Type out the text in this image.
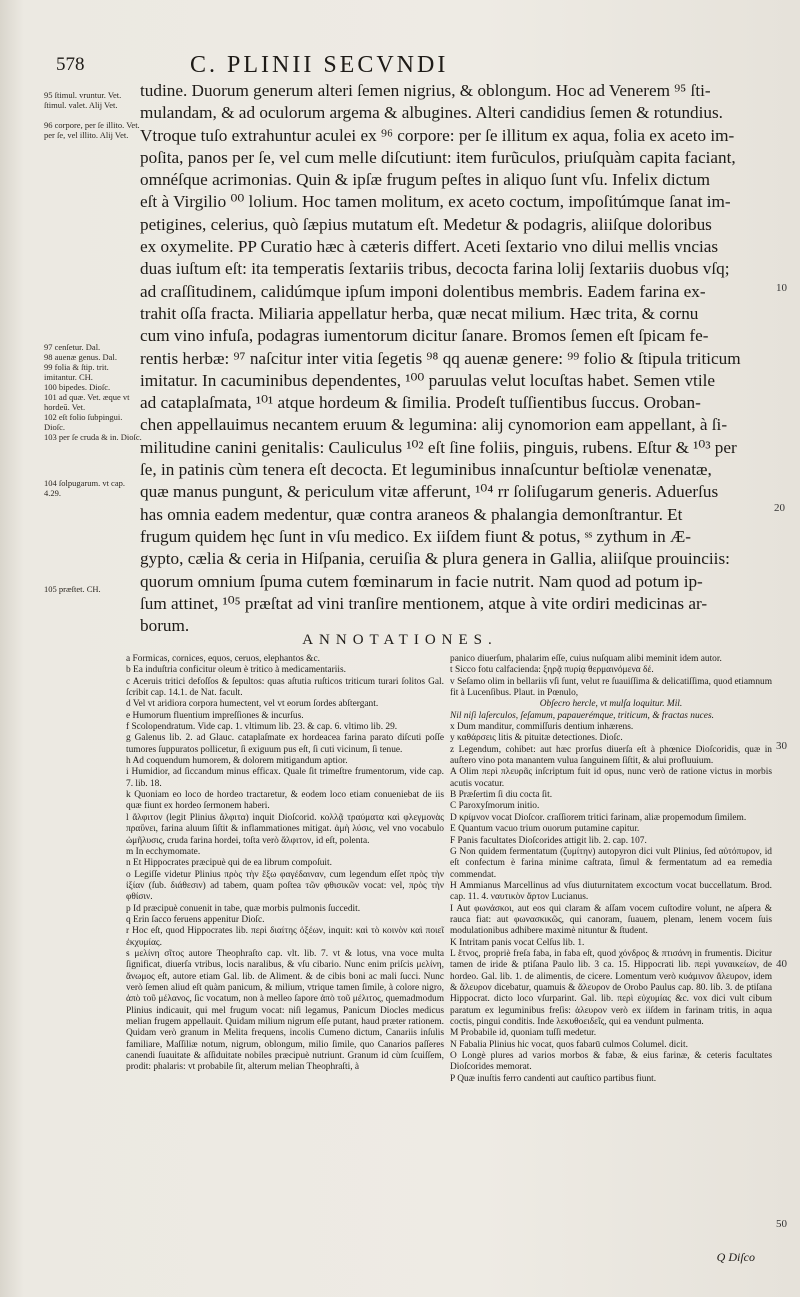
578	C. PLINII SECVNDI
95 ſtimul. vruntur. Vet. ſtimul. valet. Alij Vet.
96 corpore, per ſe illito. Vet. per ſe, vel illito. Alij Vet.
97 cenſetur. Dal.
98 auenæ genus. Dal.
99 folia & ſtip. trit. imitantur. CH.
100 bipedes. Dioſc.
101 ad quæ. Vet. æque vt hordeū. Vet.
102 eſt folio ſubpingui. Dioſc.
103 per ſe cruda & in. Dioſc.
104 ſolpugarum. vt cap. 4.29.
105 præſtet. CH.

tudine. Duorum generum alteri ſemen nigrius, & oblongum. Hoc ad Venerem ⁹⁵ ſti-

mulandam, & ad oculorum argema & albugines. Alteri candidius ſemen & rotundius.

Vtroque tuſo extrahuntur aculei ex ⁹⁶ corpore: per ſe illitum ex aqua, folia ex aceto im-

poſita, panos per ſe, vel cum melle diſcutiunt: item furũculos, priuſquàm capita faciant,

omnéſque acrimonias. Quin & ipſæ frugum peſtes in aliquo ſunt vſu. Infelix dictum

eſt à Virgilio ⁰⁰ lolium. Hoc tamen molitum, ex aceto coctum, impoſitúmque ſanat im-

petigines, celerius, quò ſæpius mutatum eſt. Medetur & podagris, aliiſque doloribus

ex oxymelite. PP Curatio hæc à cæteris differt. Aceti ſextario vno dilui mellis vncias

duas iuſtum eſt: ita temperatis ſextariis tribus, decocta farina lolij ſextariis duobus vſq;

ad craſſitudinem, calidúmque ipſum imponi dolentibus membris. Eadem farina ex-

trahit oſſa fracta. Miliaria appellatur herba, quæ necat milium. Hæc trita, & cornu

cum vino infuſa, podagras iumentorum dicitur ſanare. Bromos ſemen eſt ſpicam fe-

rentis herbæ: ⁹⁷ naſcitur inter vitia ſegetis ⁹⁸ qq auenæ genere: ⁹⁹ folio & ſtipula triticum

imitatur. In cacuminibus dependentes, ¹⁰⁰ paruulas velut locuſtas habet. Semen vtile

ad cataplaſmata, ¹⁰¹ atque hordeum & ſimilia. Prodeſt tuſſientibus ſuccus. Oroban-

chen appellauimus necantem eruum & legumina: alij cynomorion eam appellant, à ſi-

militudine canini genitalis: Cauliculus ¹⁰² eſt ſine foliis, pinguis, rubens. Eſtur & ¹⁰³ per

ſe, in patinis cùm tenera eſt decocta. Et leguminibus innaſcuntur beſtiolæ venenatæ,

quæ manus pungunt, & periculum vitæ afferunt, ¹⁰⁴ rr ſoliſugarum generis. Aduerſus

has omnia eadem medentur, quæ contra araneos & phalangia demonſtrantur. Et

frugum quidem hęc ſunt in vſu medico. Ex iiſdem fiunt & potus, ˢˢ zythum in Æ-

gypto, cælia & ceria in Hiſpania, ceruiſia & plura genera in Gallia, aliiſque prouinciis:

quorum omnium ſpuma cutem fœminarum in facie nutrit. Nam quod ad potum ip-

ſum attinet, ¹⁰⁵ præſtat ad vini tranſire mentionem, atque à vite ordiri medicinas ar-

borum.

10
20
30
40
50
ANNOTATIONES.

a Formicas, cornices, equos, ceruos, elephantos &c.

b Ea induſtria conficitur oleum è tritico à medicamentariis.

c Aceruis tritici defoſſos & ſepultos: quas aſtutia ruſticos triticum turari ſolitos Gal. ſcribit cap. 14.1. de Nat. facult.

d Vel vt aridiora corpora humectent, vel vt eorum ſordes abſtergant.

e Humorum fluentium impreſſiones & incurſus.

f Scolopendratum. Vide cap. 1. vltimum lib. 23. & cap. 6. vltimo lib. 29.

g Galenus lib. 2. ad Glauc. cataplaſmate ex hordeacea farina parato diſcuti poſſe tumores ſuppuratos pollicetur, ſi exiguum pus eſt, ſi cuti vicinum, ſi tenue.

h Ad coquendum humorem, & dolorem mitigandum aptior.

i Humidior, ad ſiccandum minus efficax. Quale ſit trimeſtre frumentorum, vide cap. 7. lib. 18.

k Quoniam eo loco de hordeo tractaretur, & eodem loco etiam conueniebat de iis quæ fiunt ex hordeo ſermonem haberi.

l ἄλφιτον (legit Plinius ἄλφιτα) inquit Dioſcorid. κολλᾷ τραύματα καὶ φλεγμονὰς πραΰνει, farina aluum ſiſtit & inflammationes mitigat. ἀμὴ λύσις, vel vno vocabulo ὠμῆλυσις, cruda farina hordei, toſta verò ἄλφιτον, id eſt, polenta.

m In ecchymomate.

n Et Hippocrates præcipuè qui de ea librum compoſuit.

o Legiſſe videtur Plinius πρὸς τὴν ἔξω φαγέδαιναν, cum legendum eſſet πρὸς τὴν ἰξίαν (ſub. διάθεσιν) ad tabem, quam poſtea τῶν φθισικῶν vocat: vel, πρὸς τὴν φθίσιν.

p Id præcipuè conuenit in tabe, quæ morbis pulmonis ſuccedit.

q Erin ſacco feruens appenitur Dioſc.

r Hoc eſt, quod Hippocrates lib. περὶ διαίτης ὀξέων, inquit: καὶ τὸ κοινὸν καὶ ποιεῖ ἐκχυμίας.

s μελίνη σῖτος autore Theophraſto cap. vlt. lib. 7. vt & lotus, vna voce multa ſignificat, diuerſa vtribus, locis naralibus, & vſu cibario. Nunc enim priſcis μελίνη, ἄνωμος eſt, autore etiam Gal. lib. de Aliment. & de cibis boni ac mali ſucci. Nunc verò ſemen aliud eſt quàm panicum, & milium, vtrique tamen ſimile, à colore nigro, ἀπὸ τοῦ μέλανος, ſic vocatum, non à melleo ſapore ἀπὸ τοῦ μέλιτος, quemadmodum Plinius indicauit, qui mel frugum vocat: niſi legamus, Panicum Diocles medicus melian frugem appellauit. Quidam milium nigrum eſſe putant, haud præter rationem. Quidam verò granum in Melita frequens, incolis Cumeno dictum, Canariis inſulis familiare, Maſſiliæ notum, nigrum, oblongum, milio ſimile, quo Canarios paſſeres canendi ſuauitate & aſſiduitate nobiles præcipuè nutriunt. Granum id cùm ſcuiſſem, prodit: phalaris: vt probabile ſit, alterum melian Theophraſti, à

panico diuerſum, phalarim eſſe, cuius nuſquam alibi meminit idem autor.

t Sicco fotu calfacienda: ξηρᾷ πυρίᾳ θερμαινόμενα δέ.

v Seſamo olim in bellariis vſi ſunt, velut re ſuauiſſima & delicatiſſima, quod etiamnum fit à Lucenſibus. Plaut. in Pœnulo,

Obſecro hercle, vt mulſa loquitur. Mil.

Nil niſi laſerculos, ſeſamum, papauerémque, triticum, & fractas nuces.

x Dum manditur, commiſſuris dentium inhærens.

y καθάρσεις litis & pituitæ detectiones. Dioſc.

z Legendum, cohibet: aut hæc prorſus diuerſa eſt à phœnice Dioſcoridis, quæ in auſtero vino pota manantem vulua ſanguinem ſiſtit, & alui profluuium.

A Olim περὶ πλευρᾶς inſcriptum fuit id opus, nunc verò de ratione victus in morbis acutis vocatur.

B Præſertim ſi diu cocta ſit.

C Paroxyſmorum initio.

D κρίμνον vocat Dioſcor. craſſiorem tritici farinam, aliæ propemodum ſimilem.

E Quantum vacuo trium ouorum putamine capitur.

F Panis facultates Dioſcorides attigit lib. 2. cap. 107.

G Non quidem fermentatum (ζυμίτην) autopyron dici vult Plinius, ſed αὐτόπυρον, id eſt confectum è farina minime caſtrata, ſimul & fermentatum ad ea remedia commendat.

H Ammianus Marcellinus ad vſus diuturnitatem excoctum vocat buccellatum. Brod. cap. 11. 4. ναυτικὸν ἄρτον Lucianus.

I Aut φωνάσκοι, aut eos qui claram & aſſam vocem cuſtodire volunt, ne aſpera & rauca fiat: aut φωνασκικῶς, qui canoram, ſuauem, plenam, lenem vocem ſuis modulationibus adhibere maximè nituntur & ſtudent.

K Intritam panis vocat Celſus lib. 1.

L ἔτνος, propriè freſa faba, in faba eſt, quod χόνδρος & πτισάνη in frumentis. Dicitur tamen de iride & ptiſana Paulo lib. 3 ca. 15. Hippocrati lib. περὶ γυναικείων, de hordeo. Gal. lib. 1. de alimentis, de cicere. Lomentum verò κυάμινον ἄλευρον, idem & ἄλευρον dicebatur, quamuis & ἄλευρον de Orobo Paulus cap. 80. lib. 3. de ptiſana Hippocrat. dicto loco vſurparint. Gal. lib. περὶ εὐχυμίας &c. vox dici vult cibum paratum ex leguminibus freſis: ἀλευρον verò ex iiſdem in farinam tritis, in aqua coctis, pingui conditis. Inde λεκυθοειδεῖς, qui ea vendunt pulmenta.

M Probabile id, quoniam tuſſi medetur.

N Fabalia Plinius hic vocat, quos fabarū culmos Columel. dicit.

O Longè plures ad varios morbos & fabæ, & eius farinæ, & ceteris facultates Dioſcorides memorat.

P Quæ inuſtis ferro candenti aut cauſtico partibus fiunt.

Q Diſco
